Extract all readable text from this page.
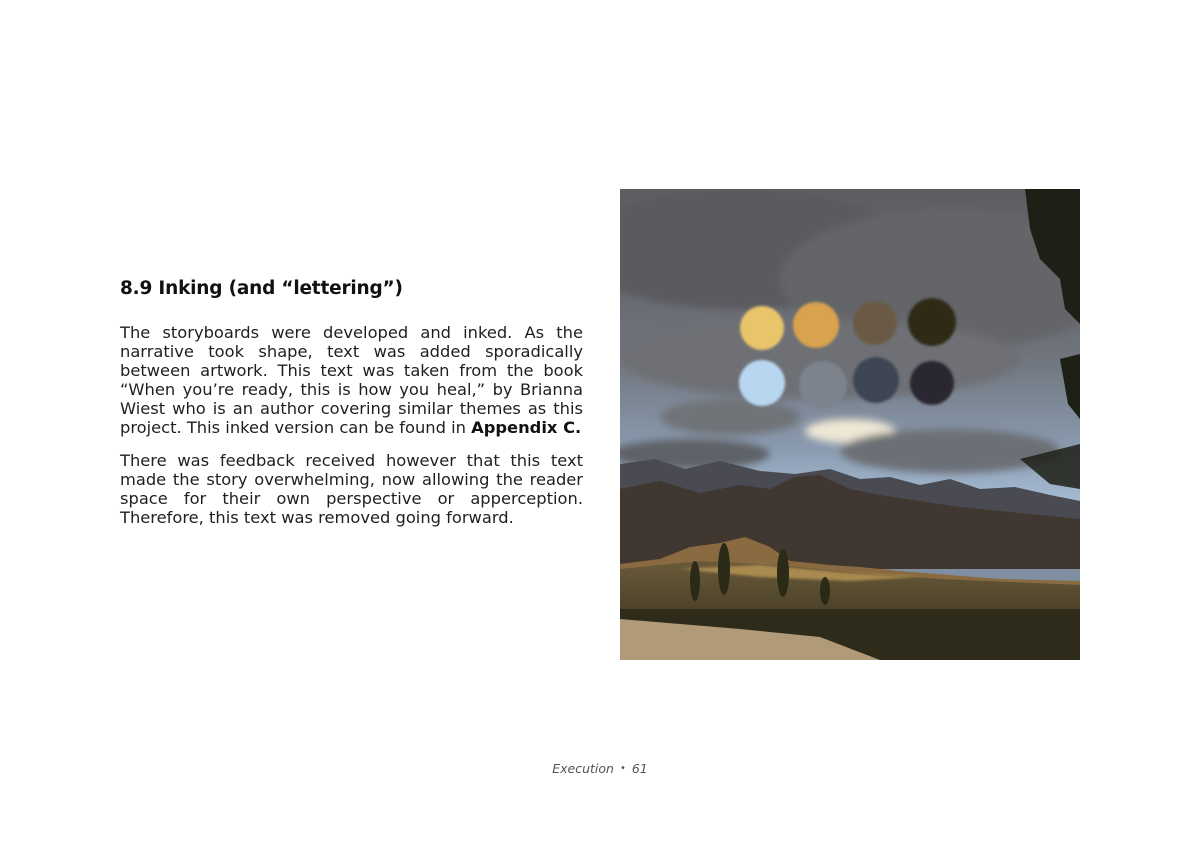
8.9 Inking (and “lettering”)

The storyboards were developed and inked. As the narrative took shape, text was added sporadically between artwork. This text was taken from the book “When you’re ready, this is how you heal,” by Brianna Wiest who is an author covering similar themes as this project. This inked version can be found in Appendix C.

There was feedback received however that this text made the story overwhelming, now allowing the reader space for their own perspective or apperception. Therefore, this text was removed going forward.

Execution • 61
